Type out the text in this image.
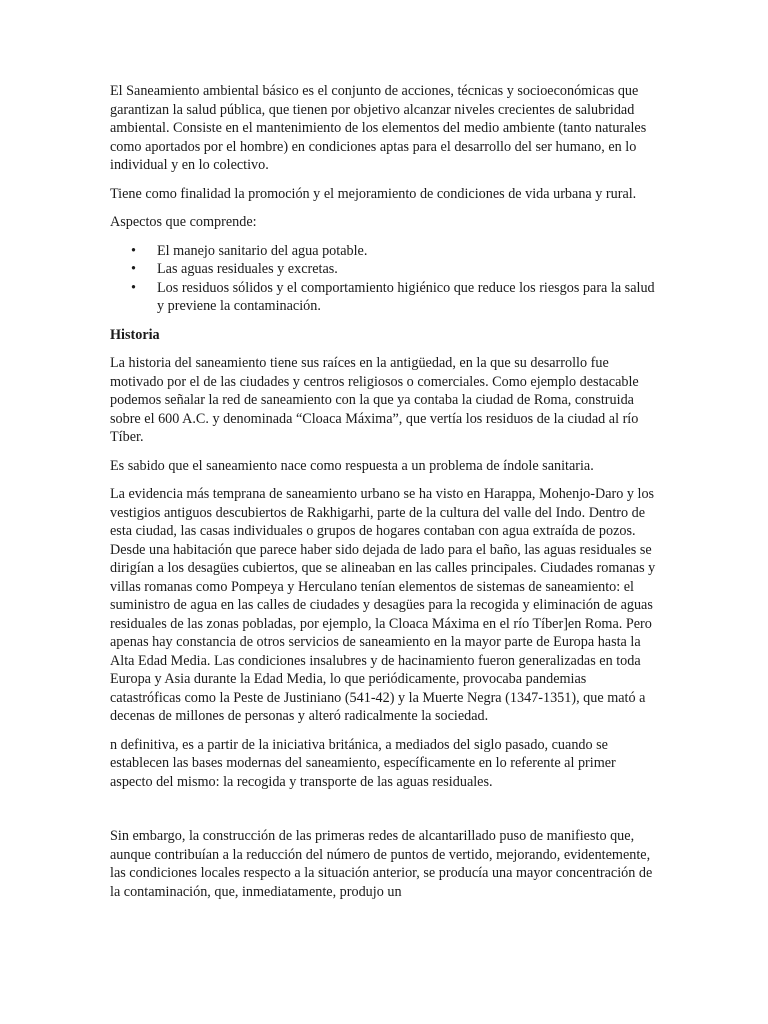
El Saneamiento ambiental básico es el conjunto de acciones, técnicas y socioeconómicas que garantizan la salud pública, que tienen por objetivo alcanzar niveles crecientes de salubridad ambiental. Consiste en el mantenimiento de los elementos del medio ambiente (tanto naturales como aportados por el hombre) en condiciones aptas para el desarrollo del ser humano, en lo individual y en lo colectivo.

Tiene como finalidad la promoción y el mejoramiento de condiciones de vida urbana y rural.

Aspectos que comprende:

• El manejo sanitario del agua potable.
• Las aguas residuales y excretas.
• Los residuos sólidos y el comportamiento higiénico que reduce los riesgos para la salud y previene la contaminación.

Historia

La historia del saneamiento tiene sus raíces en la antigüedad, en la que su desarrollo fue motivado por el de las ciudades y centros religiosos o comerciales. Como ejemplo destacable podemos señalar la red de saneamiento con la que ya contaba la ciudad de Roma, construida sobre el 600 A.C. y denominada “Cloaca Máxima”, que vertía los residuos de la ciudad al río Tíber.

Es sabido que el saneamiento nace como respuesta a un problema de índole sanitaria.

La evidencia más temprana de saneamiento urbano se ha visto en Harappa, Mohenjo-Daro y los vestigios antiguos descubiertos de Rakhigarhi, parte de la cultura del valle del Indo. Dentro de esta ciudad, las casas individuales o grupos de hogares contaban con agua extraída de pozos. Desde una habitación que parece haber sido dejada de lado para el baño, las aguas residuales se dirigían a los desagües cubiertos, que se alineaban en las calles principales. Ciudades romanas y villas romanas como Pompeya y Herculano tenían elementos de sistemas de saneamiento: el suministro de agua en las calles de ciudades y desagües para la recogida y eliminación de aguas residuales de las zonas pobladas, por ejemplo, la Cloaca Máxima en el río Tíber]en Roma. Pero apenas hay constancia de otros servicios de saneamiento en la mayor parte de Europa hasta la Alta Edad Media. Las condiciones insalubres y de hacinamiento fueron generalizadas en toda Europa y Asia durante la Edad Media, lo que periódicamente, provocaba pandemias catastróficas como la Peste de Justiniano (541-42) y la Muerte Negra (1347-1351), que mató a decenas de millones de personas y alteró radicalmente la sociedad.

n definitiva, es a partir de la iniciativa británica, a mediados del siglo pasado, cuando se establecen las bases modernas del saneamiento, específicamente en lo referente al primer aspecto del mismo: la recogida y transporte de las aguas residuales.

Sin embargo, la construcción de las primeras redes de alcantarillado puso de manifiesto que, aunque contribuían a la reducción del número de puntos de vertido, mejorando, evidentemente, las condiciones locales respecto a la situación anterior, se producía una mayor concentración de la contaminación, que, inmediatamente, produjo un
